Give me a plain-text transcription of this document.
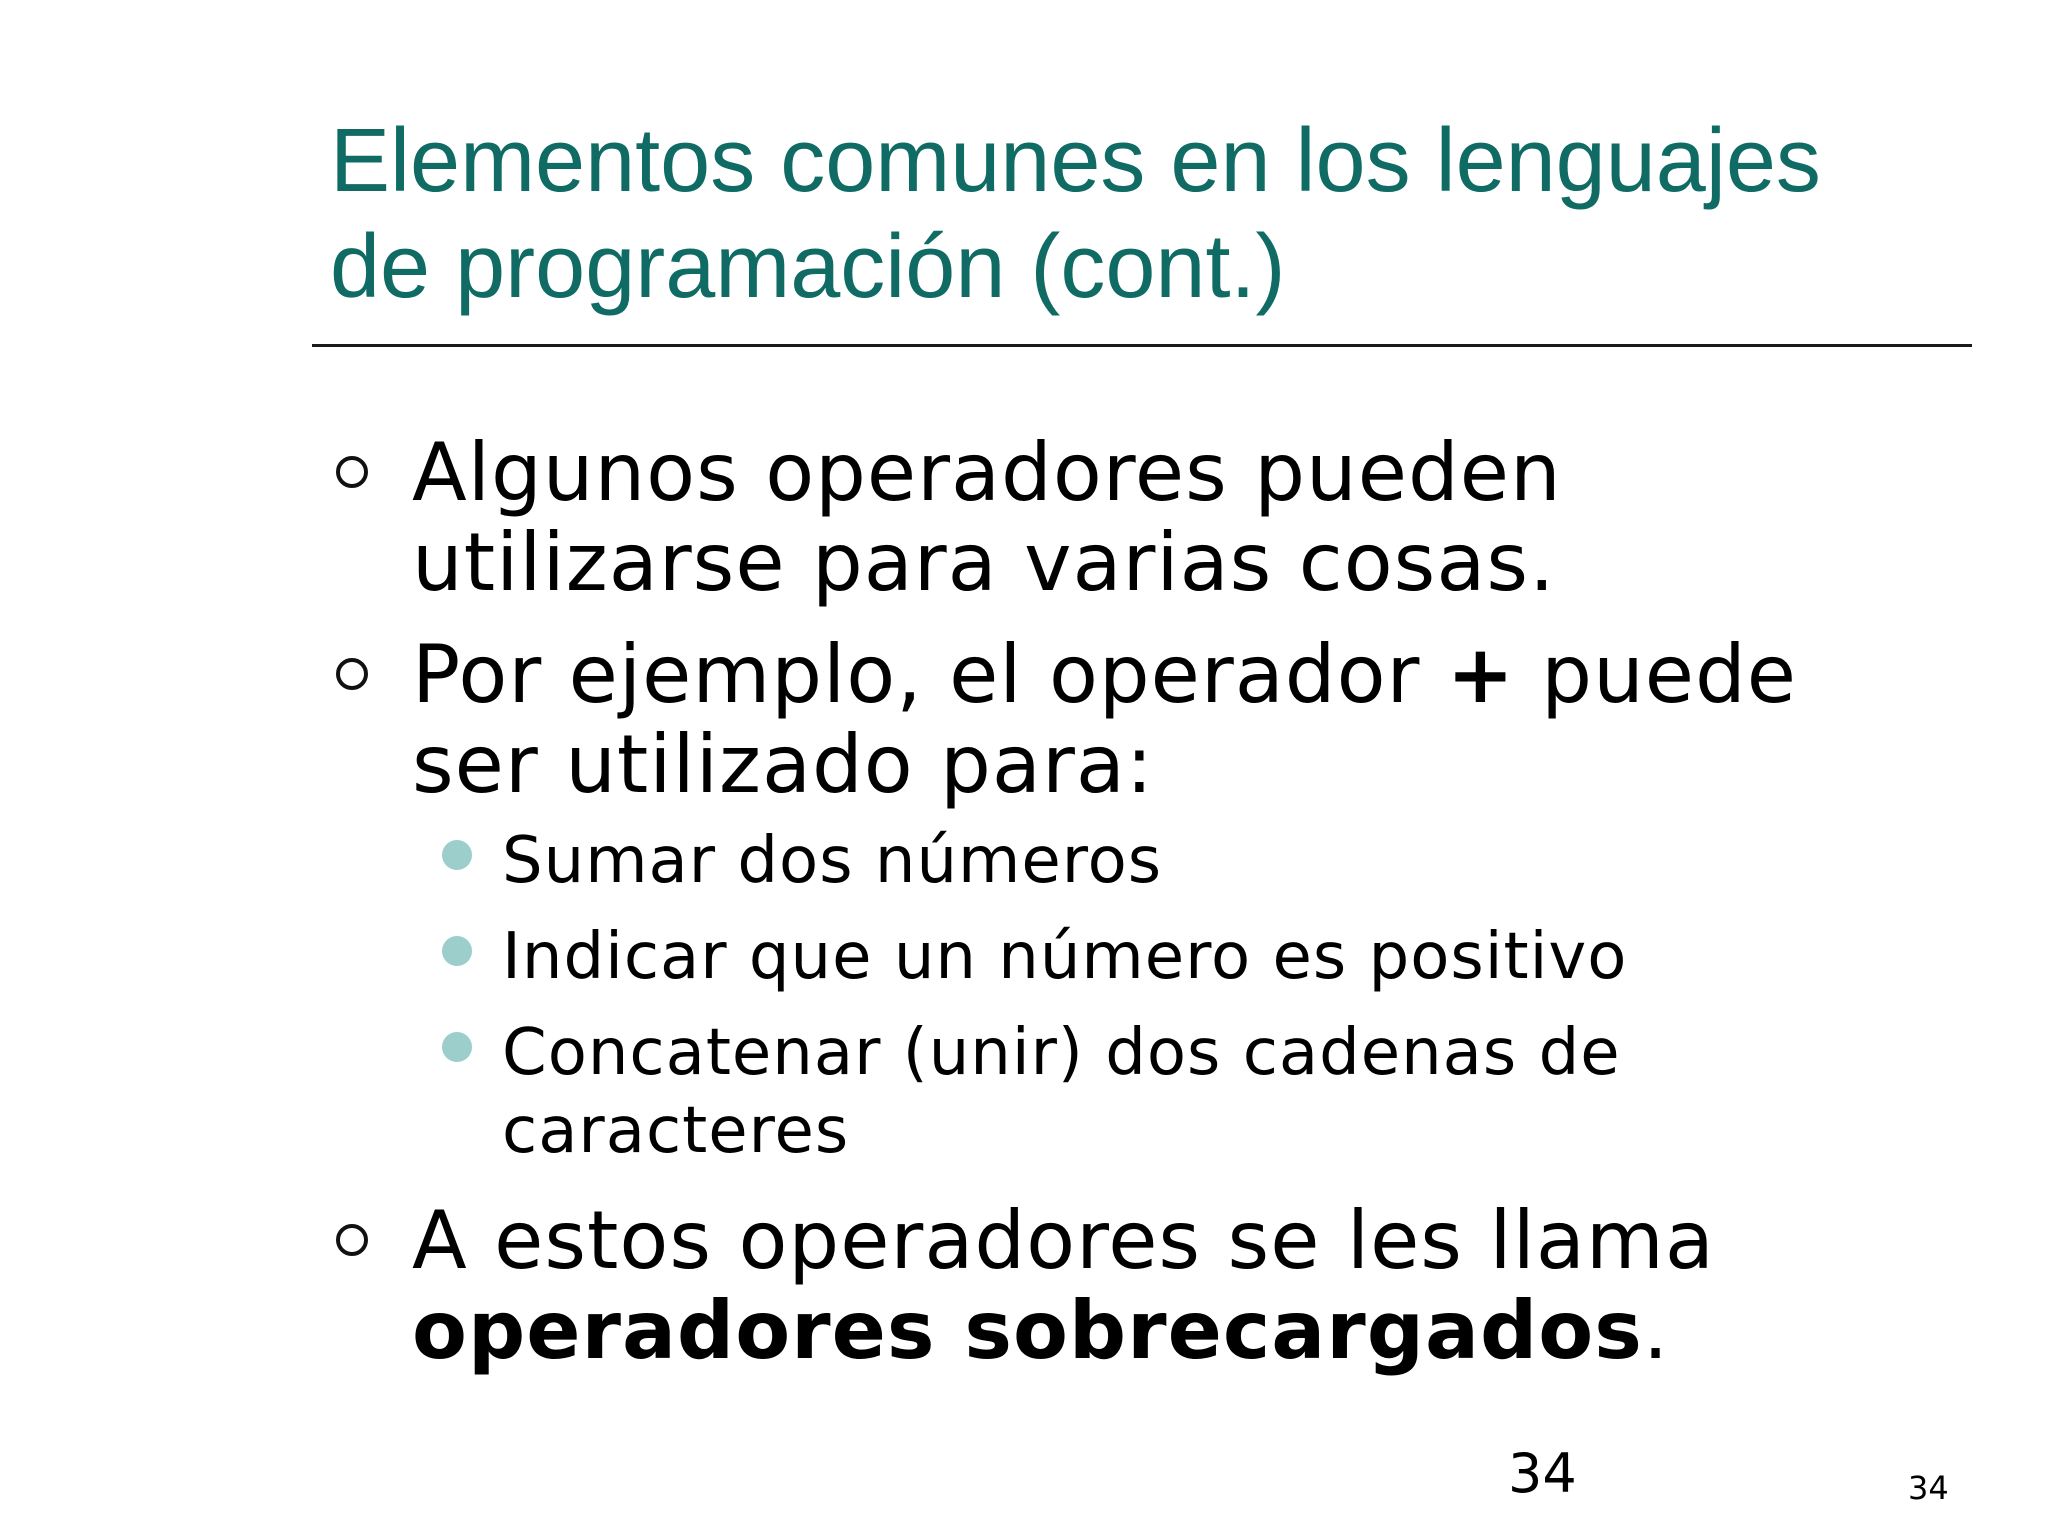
Elementos comunes en los lenguajes
de programación (cont.)
Algunos operadores pueden
utilizarse para varias cosas.
Por ejemplo, el operador + puede
ser utilizado para:
Sumar dos números
Indicar que un número es positivo
Concatenar (unir) dos cadenas de
caracteres
A estos operadores se les llama
operadores sobrecargados.
34	34
